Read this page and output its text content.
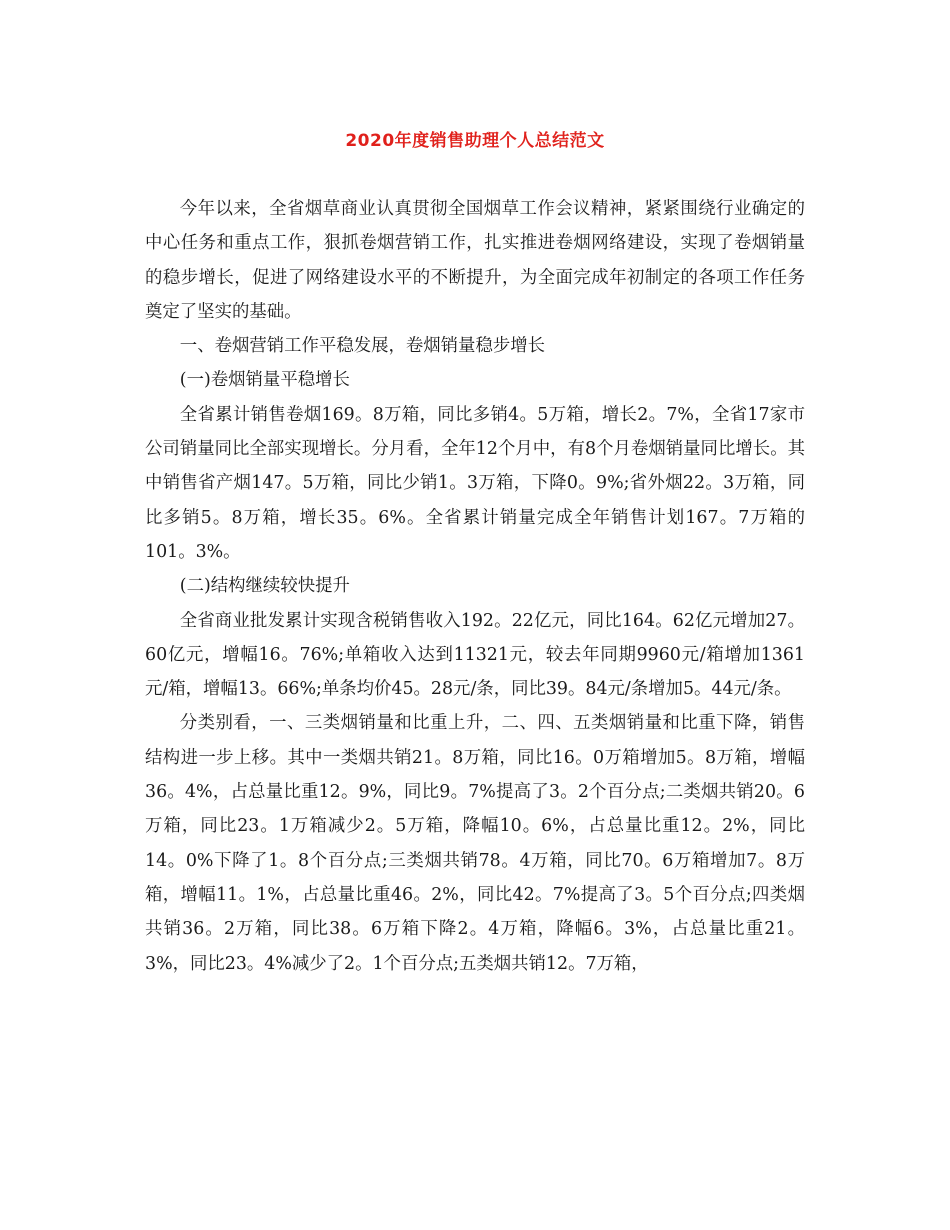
2020年度销售助理个人总结范文

今年以来，全省烟草商业认真贯彻全国烟草工作会议精神，紧紧围绕行业确定的中心任务和重点工作，狠抓卷烟营销工作，扎实推进卷烟网络建设，实现了卷烟销量的稳步增长，促进了网络建设水平的不断提升，为全面完成年初制定的各项工作任务奠定了坚实的基础。

一、卷烟营销工作平稳发展，卷烟销量稳步增长

(一)卷烟销量平稳增长

全省累计销售卷烟169。8万箱，同比多销4。5万箱，增长2。7%，全省17家市公司销量同比全部实现增长。分月看，全年12个月中，有8个月卷烟销量同比增长。其中销售省产烟147。5万箱，同比少销1。3万箱，下降0。9%;省外烟22。3万箱，同比多销5。8万箱，增长35。6%。全省累计销量完成全年销售计划167。7万箱的101。3%。

(二)结构继续较快提升

全省商业批发累计实现含税销售收入192。22亿元，同比164。62亿元增加27。60亿元，增幅16。76%;单箱收入达到11321元，较去年同期9960元/箱增加1361元/箱，增幅13。66%;单条均价45。28元/条，同比39。84元/条增加5。44元/条。

分类别看，一、三类烟销量和比重上升，二、四、五类烟销量和比重下降，销售结构进一步上移。其中一类烟共销21。8万箱，同比16。0万箱增加5。8万箱，增幅36。4%，占总量比重12。9%，同比9。7%提高了3。2个百分点;二类烟共销20。6万箱，同比23。1万箱减少2。5万箱，降幅10。6%，占总量比重12。2%，同比14。0%下降了1。8个百分点;三类烟共销78。4万箱，同比70。6万箱增加7。8万箱，增幅11。1%，占总量比重46。2%，同比42。7%提高了3。5个百分点;四类烟共销36。2万箱，同比38。6万箱下降2。4万箱，降幅6。3%，占总量比重21。3%，同比23。4%减少了2。1个百分点;五类烟共销12。7万箱，
